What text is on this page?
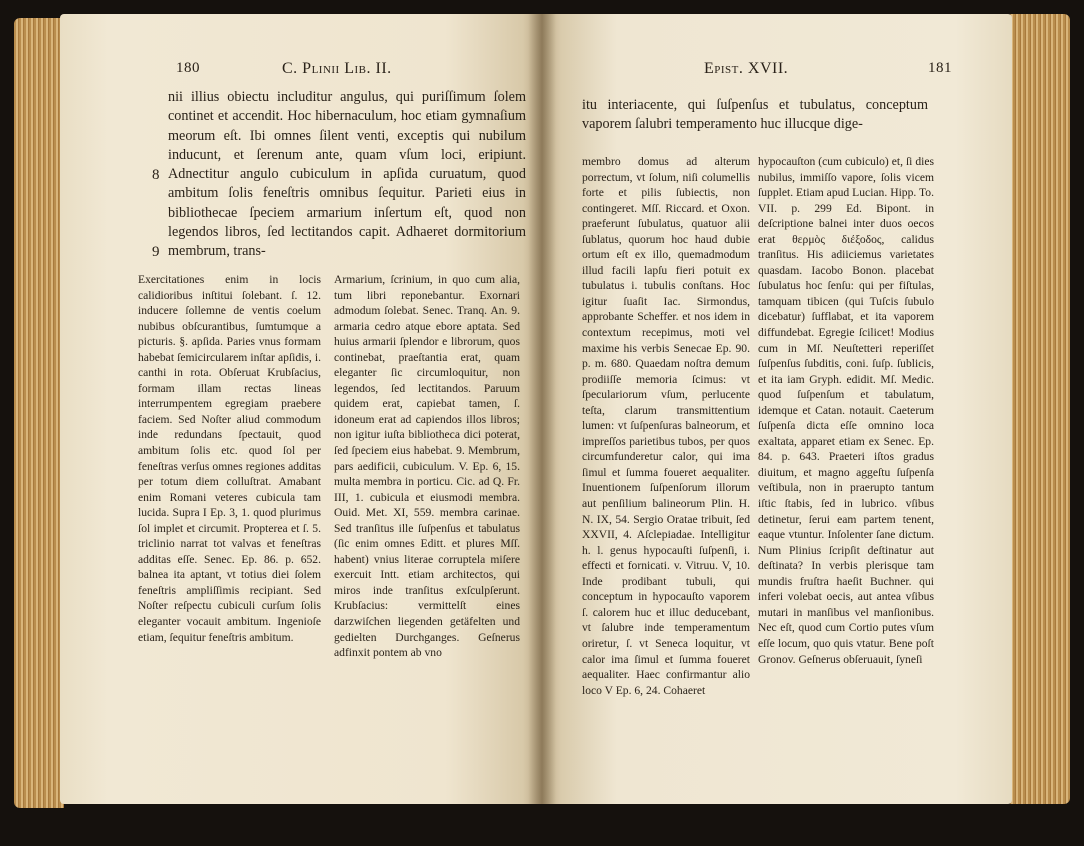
180	C. Plinii Lib. II.
8
9

nii illius obiectu includitur angulus, qui puriſſimum ſolem continet et accendit. Hoc hibernaculum, hoc etiam gymnaſium meorum eſt. Ibi omnes ſilent venti, exceptis qui nubilum inducunt, et ſerenum ante, quam vſum loci, eripiunt. Adnectitur angulo cubiculum in apſida curuatum, quod ambitum ſolis feneſtris omnibus ſequitur. Parieti eius in bibliothecae ſpeciem armarium inſertum eſt, quod non legendos libros, ſed lectitandos capit. Adhaeret dormitorium membrum, trans-

Exercitationes enim in locis calidioribus inſtitui ſolebant. ſ. 12. inducere ſollemne de ventis coelum nubibus obſcurantibus, ſumtumque a picturis. §. apſida. Paries vnus formam habebat ſemicircularem inſtar apſidis, i. canthi in rota. Obſeruat Krubſacius, formam illam rectas lineas interrumpentem egregiam praebere faciem. Sed Noſter aliud commodum inde redundans ſpectauit, quod ambitum ſolis etc. quod ſol per feneſtras verſus omnes regiones additas per totum diem colluſtrat. Amabant enim Romani veteres cubicula tam lucida. Supra I Ep. 3, 1. quod plurimus ſol implet et circumit. Propterea et ſ. 5. triclinio narrat tot valvas et feneſtras additas eſſe. Senec. Ep. 86. p. 652. balnea ita aptant, vt totius diei ſolem feneſtris ampliſſimis recipiant. Sed Noſter reſpectu cubiculi curſum ſolis eleganter vocauit ambitum. Ingenioſe etiam, ſequitur feneſtris ambitum.

Armarium, ſcrinium, in quo cum alia, tum libri reponebantur. Exornari admodum ſolebat. Senec. Tranq. An. 9. armaria cedro atque ebore aptata. Sed huius armarii ſplendor e librorum, quos continebat, praeſtantia erat, quam eleganter ſic circumloquitur, non legendos, ſed lectitandos. Paruum quidem erat, capiebat tamen, ſ. idoneum erat ad capiendos illos libros; non igitur iuſta bibliotheca dici poterat, ſed ſpeciem eius habebat. 9. Membrum, pars aedificii, cubiculum. V. Ep. 6, 15. multa membra in porticu. Cic. ad Q. Fr. III, 1. cubicula et eiusmodi membra. Ouid. Met. XI, 559. membra carinae. Sed tranſitus ille ſuſpenſus et tabulatus (ſic enim omnes Editt. et plures Mſſ. habent) vnius literae corruptela miſere exercuit Intt. etiam architectos, qui miros inde tranſitus exſculpſerunt. Krubſacius: vermittelſt eines darzwiſchen liegenden getäfelten und gedielten Durchganges. Geſnerus adfinxit pontem ab vno

Epist. XVII.	181

itu interiacente, qui ſuſpenſus et tubulatus, conceptum vaporem ſalubri temperamento huc illucque dige-

membro domus ad alterum porrectum, vt ſolum, niſi columellis forte et pilis ſubiectis, non contingeret. Mſſ. Riccard. et Oxon. praeferunt ſubulatus, quatuor alii ſublatus, quorum hoc haud dubie ortum eſt ex illo, quemadmodum illud facili lapſu fieri potuit ex tubulatus i. tubulis conſtans. Hoc igitur ſuaſit Iac. Sirmondus, approbante Scheffer. et nos idem in contextum recepimus, moti vel maxime his verbis Senecae Ep. 90. p. m. 680. Quaedam noſtra demum prodiiſſe memoria ſcimus: vt ſpeculariorum vſum, perlucente teſta, clarum transmittentium lumen: vt ſuſpenſuras balneorum, et impreſſos parietibus tubos, per quos circumfunderetur calor, qui ima ſimul et ſumma foueret aequaliter. Inuentionem ſuſpenſorum illorum aut penſilium balineorum Plin. H. N. IX, 54. Sergio Oratae tribuit, ſed XXVII, 4. Aſclepiadae. Intelligitur h. l. genus hypocauſti ſuſpenſi, i. effecti et fornicati. v. Vitruu. V, 10. Inde prodibant tubuli, qui conceptum in hypocauſto vaporem ſ. calorem huc et illuc deducebant, vt ſalubre inde temperamentum oriretur, ſ. vt Seneca loquitur, vt calor ima ſimul et ſumma foueret aequaliter. Haec confirmantur alio loco V Ep. 6, 24. Cohaeret

hypocauſton (cum cubiculo) et, ſi dies nubilus, immiſſo vapore, ſolis vicem ſupplet. Etiam apud Lucian. Hipp. To. VII. p. 299 Ed. Bipont. in deſcriptione balnei inter duos oecos erat θερμὸς διέξοδος, calidus tranſitus. His adiiciemus varietates quasdam. Iacobo Bonon. placebat ſubulatus hoc ſenſu: qui per fiſtulas, tamquam tibicen (qui Tuſcis ſubulo dicebatur) ſufflabat, et ita vaporem diffundebat. Egregie ſcilicet! Modius cum in Mſ. Neuſtetteri reperiſſet ſuſpenſus ſubditis, coni. ſuſp. ſublicis, et ita iam Gryph. edidit. Mſ. Medic. quod ſuſpenſum et tabulatum, idemque et Catan. notauit. Caeterum ſuſpenſa dicta eſſe omnino loca exaltata, apparet etiam ex Senec. Ep. 84. p. 643. Praeteri iſtos gradus diuitum, et magno aggeſtu ſuſpenſa veſtibula, non in praerupto tantum iſtic ſtabis, ſed in lubrico. vſibus detinetur, ſerui eam partem tenent, eaque vtuntur. Inſolenter ſane dictum. Num Plinius ſcripſit deſtinatur aut deſtinata? In verbis plerisque tam mundis fruſtra haeſit Buchner. qui inferi volebat oecis, aut antea vſibus mutari in manſibus vel manſionibus. Nec eſt, quod cum Cortio putes vſum eſſe locum, quo quis vtatur. Bene poſt Gronov. Geſnerus obſeruauit, ſyneſi
